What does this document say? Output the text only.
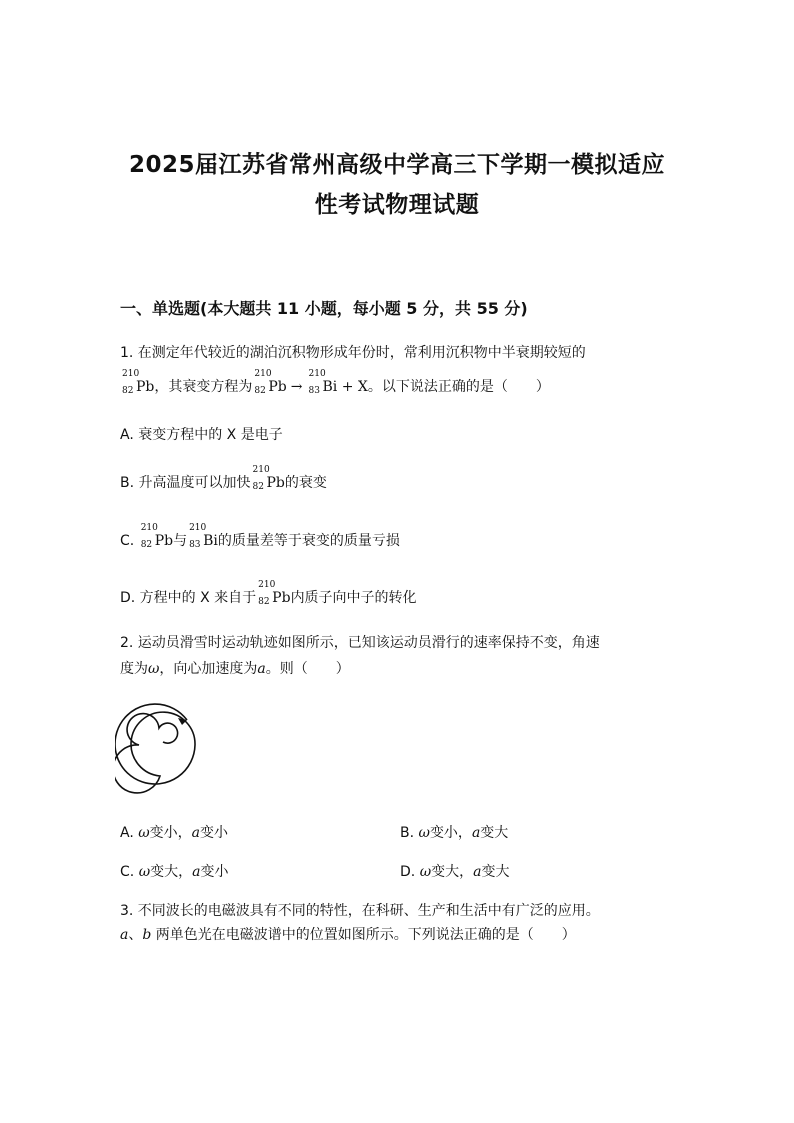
2025届江苏省常州高级中学高三下学期一模拟适应
性考试物理试题
一、单选题(本大题共 11 小题，每小题 5 分，共 55 分)
1. 在测定年代较近的湖泊沉积物形成年份时，常利用沉积物中半衰期较短的
210
82 Pb，其衰变方程为
210
82 Pb →
210
83 Bi + X。以下说法正确的是（　　）
A. 衰变方程中的 X 是电子
B. 升高温度可以加快
210
82 Pb的衰变
C.
210
82 Pb与
210
83 Bi的质量差等于衰变的质量亏损
D. 方程中的 X 来自于
210
82 Pb内质子向中子的转化
2. 运动员滑雪时运动轨迹如图所示，已知该运动员滑行的速率保持不变，角速
度为ω，向心加速度为a。则（　　）
A. ω变小，a变小	B. ω变小，a变大
C. ω变大，a变小	D. ω变大，a变大
3. 不同波长的电磁波具有不同的特性，在科研、生产和生活中有广泛的应用。
a、b 两单色光在电磁波谱中的位置如图所示。下列说法正确的是（　　）
